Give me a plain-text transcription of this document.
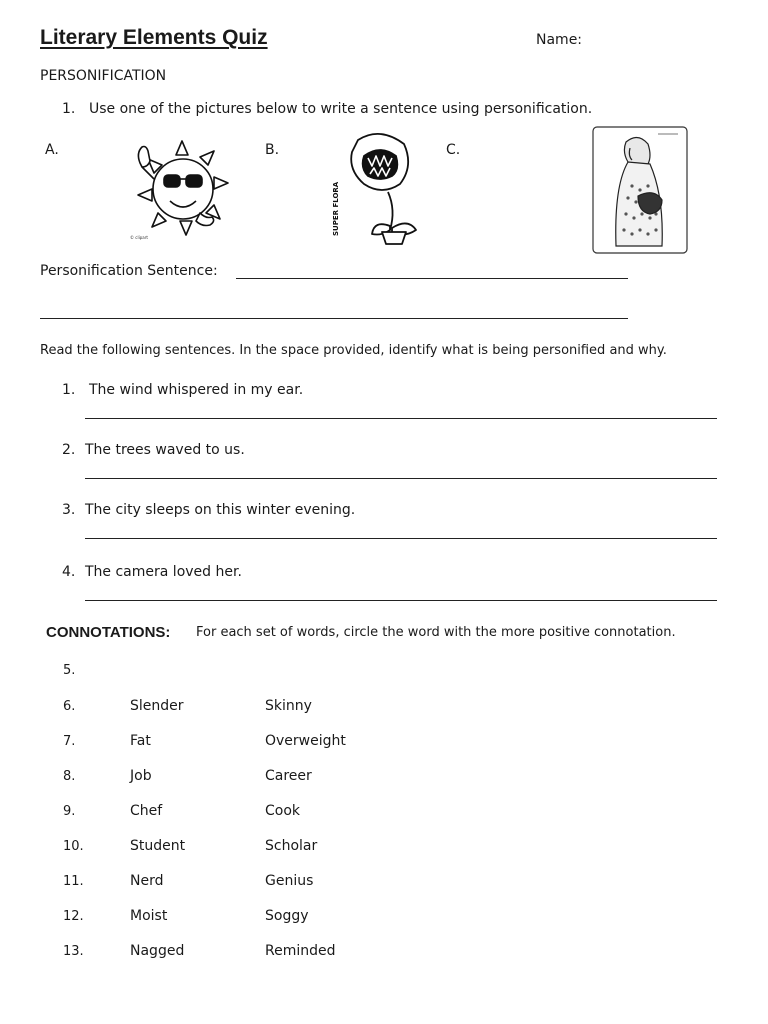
Literary Elements Quiz	Name:
PERSONIFICATION
1. Use one of the pictures below to write a sentence using personification.
A.	B.	C.
© clipart
SUPER FLORA
Personification Sentence:
Read the following sentences. In the space provided, identify what is being personified and why.
1. The wind whispered in my ear.
2. The trees waved to us.
3. The city sleeps on this winter evening.
4. The camera loved her.
CONNOTATIONS: For each set of words, circle the word with the more positive connotation.
5.
6.	Slender	Skinny
7.	Fat	Overweight
8.	Job	Career
9.	Chef	Cook
10.	Student	Scholar
11.	Nerd	Genius
12.	Moist	Soggy
13.	Nagged	Reminded
